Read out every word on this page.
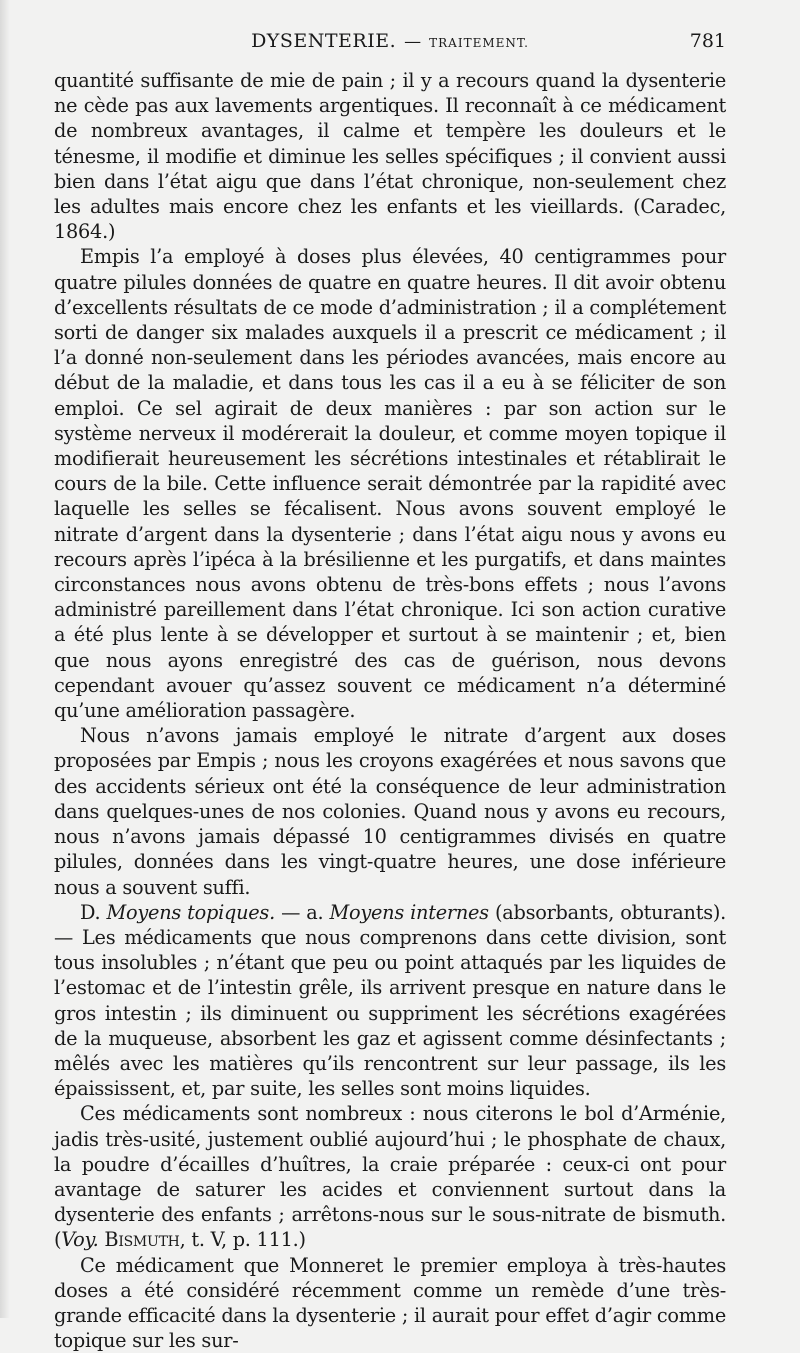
DYSENTERIE. — TRAITEMENT.	781

quantité suffisante de mie de pain ; il y a recours quand la dysenterie ne cède pas aux lavements argentiques. Il reconnaît à ce médicament de nombreux avantages, il calme et tempère les douleurs et le ténesme, il modifie et diminue les selles spécifiques ; il convient aussi bien dans l’état aigu que dans l’état chronique, non-seulement chez les adultes mais encore chez les enfants et les vieillards. (Caradec, 1864.)

Empis l’a employé à doses plus élevées, 40 centigrammes pour quatre pilules données de quatre en quatre heures. Il dit avoir obtenu d’excellents résultats de ce mode d’administration ; il a complétement sorti de danger six malades auxquels il a prescrit ce médicament ; il l’a donné non-seulement dans les périodes avancées, mais encore au début de la maladie, et dans tous les cas il a eu à se féliciter de son emploi. Ce sel agirait de deux manières : par son action sur le système nerveux il modérerait la douleur, et comme moyen topique il modifierait heureusement les sécrétions intestinales et rétablirait le cours de la bile. Cette influence serait démontrée par la rapidité avec laquelle les selles se fécalisent. Nous avons souvent employé le nitrate d’argent dans la dysenterie ; dans l’état aigu nous y avons eu recours après l’ipéca à la brésilienne et les purgatifs, et dans maintes circonstances nous avons obtenu de très-bons effets ; nous l’avons administré pareillement dans l’état chronique. Ici son action curative a été plus lente à se développer et surtout à se maintenir ; et, bien que nous ayons enregistré des cas de guérison, nous devons cependant avouer qu’assez souvent ce médicament n’a déterminé qu’une amélioration passagère.

Nous n’avons jamais employé le nitrate d’argent aux doses proposées par Empis ; nous les croyons exagérées et nous savons que des accidents sérieux ont été la conséquence de leur administration dans quelques-unes de nos colonies. Quand nous y avons eu recours, nous n’avons jamais dépassé 10 centigrammes divisés en quatre pilules, données dans les vingt-quatre heures, une dose inférieure nous a souvent suffi.

D. Moyens topiques. — a. Moyens internes (absorbants, obturants). — Les médicaments que nous comprenons dans cette division, sont tous insolubles ; n’étant que peu ou point attaqués par les liquides de l’estomac et de l’intestin grêle, ils arrivent presque en nature dans le gros intestin ; ils diminuent ou suppriment les sécrétions exagérées de la muqueuse, absorbent les gaz et agissent comme désinfectants ; mêlés avec les matières qu’ils rencontrent sur leur passage, ils les épaississent, et, par suite, les selles sont moins liquides.

Ces médicaments sont nombreux : nous citerons le bol d’Arménie, jadis très-usité, justement oublié aujourd’hui ; le phosphate de chaux, la poudre d’écailles d’huîtres, la craie préparée : ceux-ci ont pour avantage de saturer les acides et conviennent surtout dans la dysenterie des enfants ; arrêtons-nous sur le sous-nitrate de bismuth. (Voy. Bismuth, t. V, p. 111.)

Ce médicament que Monneret le premier employa à très-hautes doses a été considéré récemment comme un remède d’une très-grande efficacité dans la dysenterie ; il aurait pour effet d’agir comme topique sur les sur-
